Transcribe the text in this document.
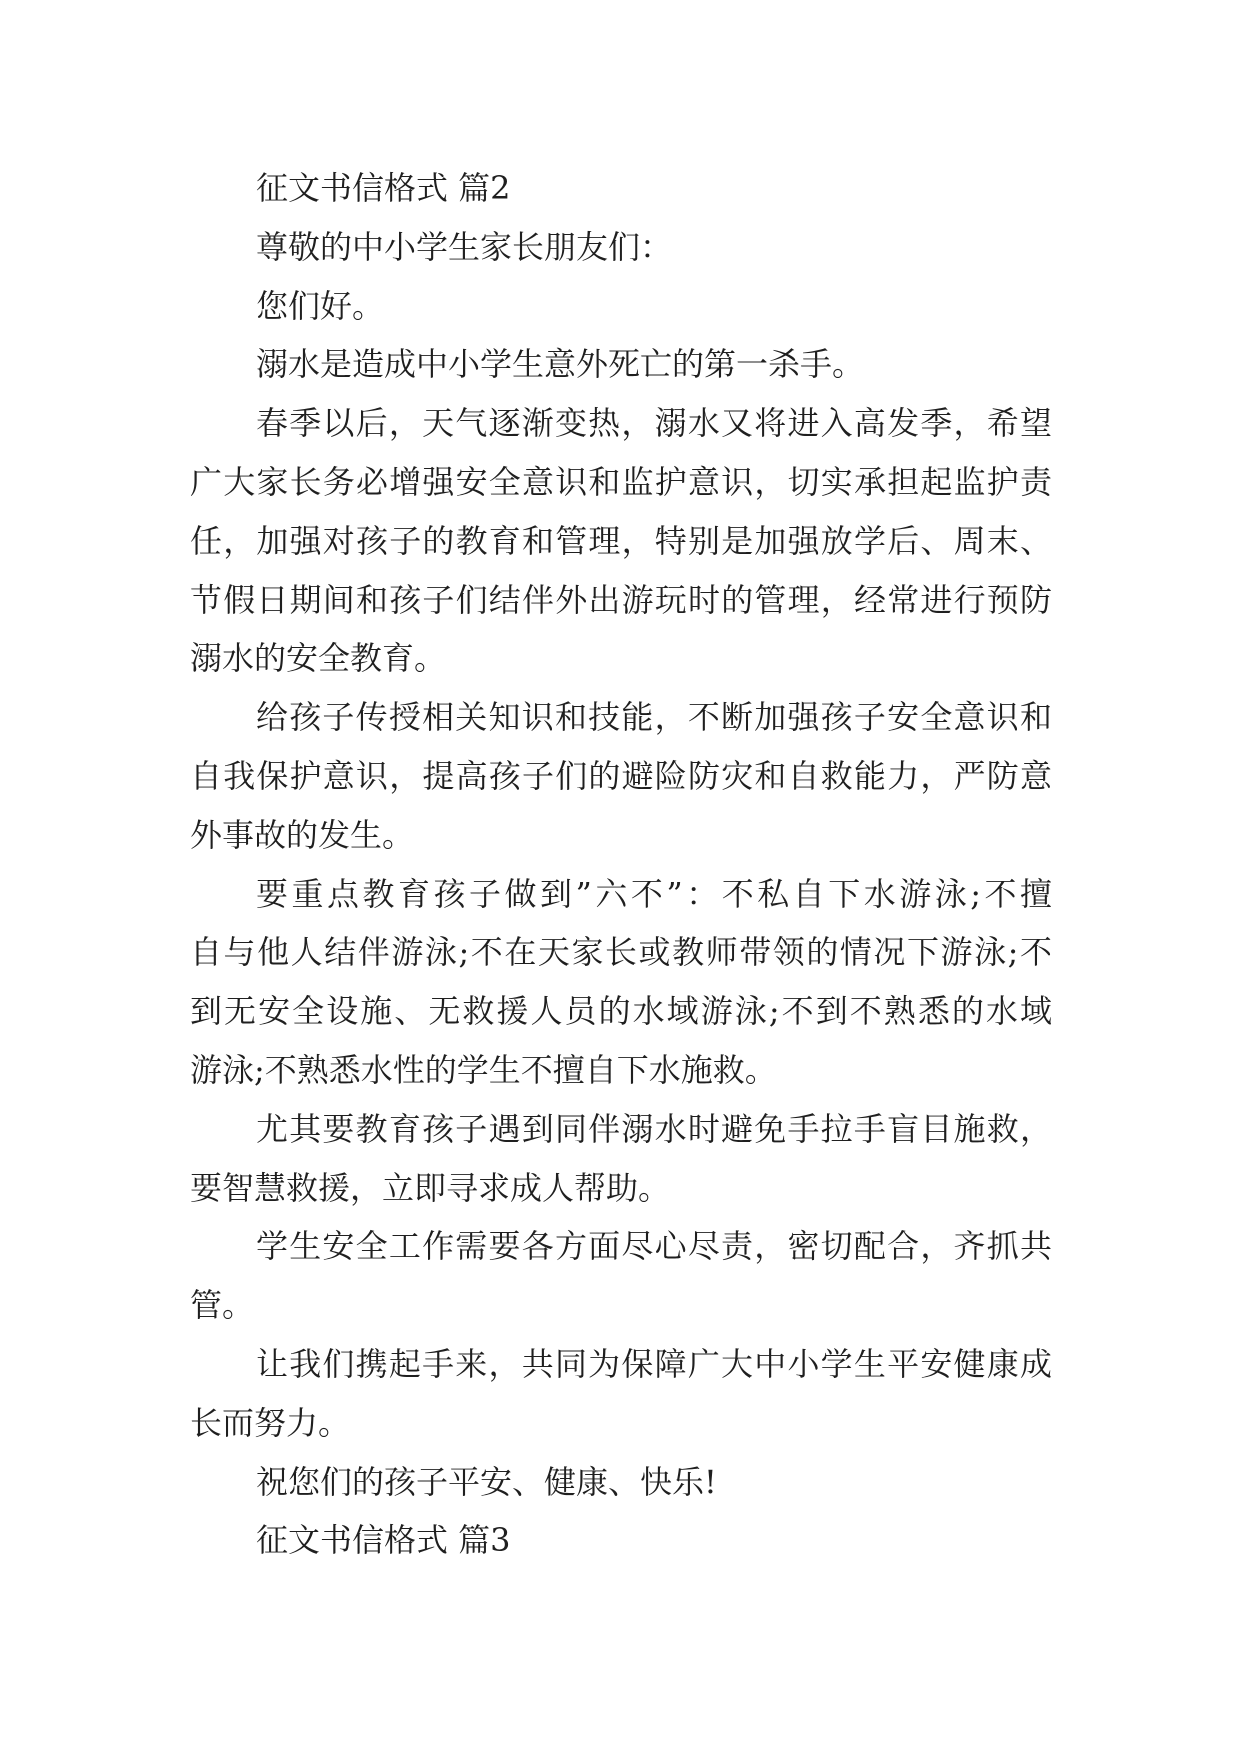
征文书信格式 篇2
尊敬的中小学生家长朋友们：
您们好。
溺水是造成中小学生意外死亡的第一杀手。
春季以后，天气逐渐变热，溺水又将进入高发季，希望
广大家长务必增强安全意识和监护意识，切实承担起监护责
任，加强对孩子的教育和管理，特别是加强放学后、周末、
节假日期间和孩子们结伴外出游玩时的管理，经常进行预防
溺水的安全教育。
给孩子传授相关知识和技能，不断加强孩子安全意识和
自我保护意识，提高孩子们的避险防灾和自救能力，严防意
外事故的发生。
要重点教育孩子做到”六不”：不私自下水游泳;不擅
自与他人结伴游泳;不在天家长或教师带领的情况下游泳;不
到无安全设施、无救援人员的水域游泳;不到不熟悉的水域
游泳;不熟悉水性的学生不擅自下水施救。
尤其要教育孩子遇到同伴溺水时避免手拉手盲目施救，
要智慧救援，立即寻求成人帮助。
学生安全工作需要各方面尽心尽责，密切配合，齐抓共
管。
让我们携起手来，共同为保障广大中小学生平安健康成
长而努力。
祝您们的孩子平安、健康、快乐!
征文书信格式 篇3
